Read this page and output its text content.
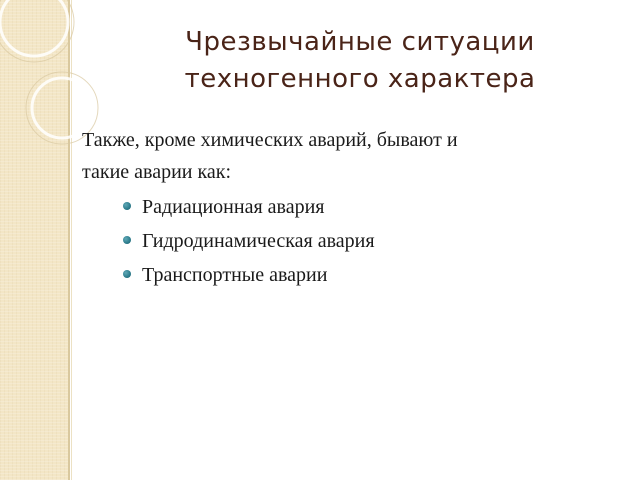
Чрезвычайные ситуации
техногенного характера

Также, кроме химических аварий, бывают и
такие аварии как:

Радиационная авария
Гидродинамическая авария
Транспортные аварии
